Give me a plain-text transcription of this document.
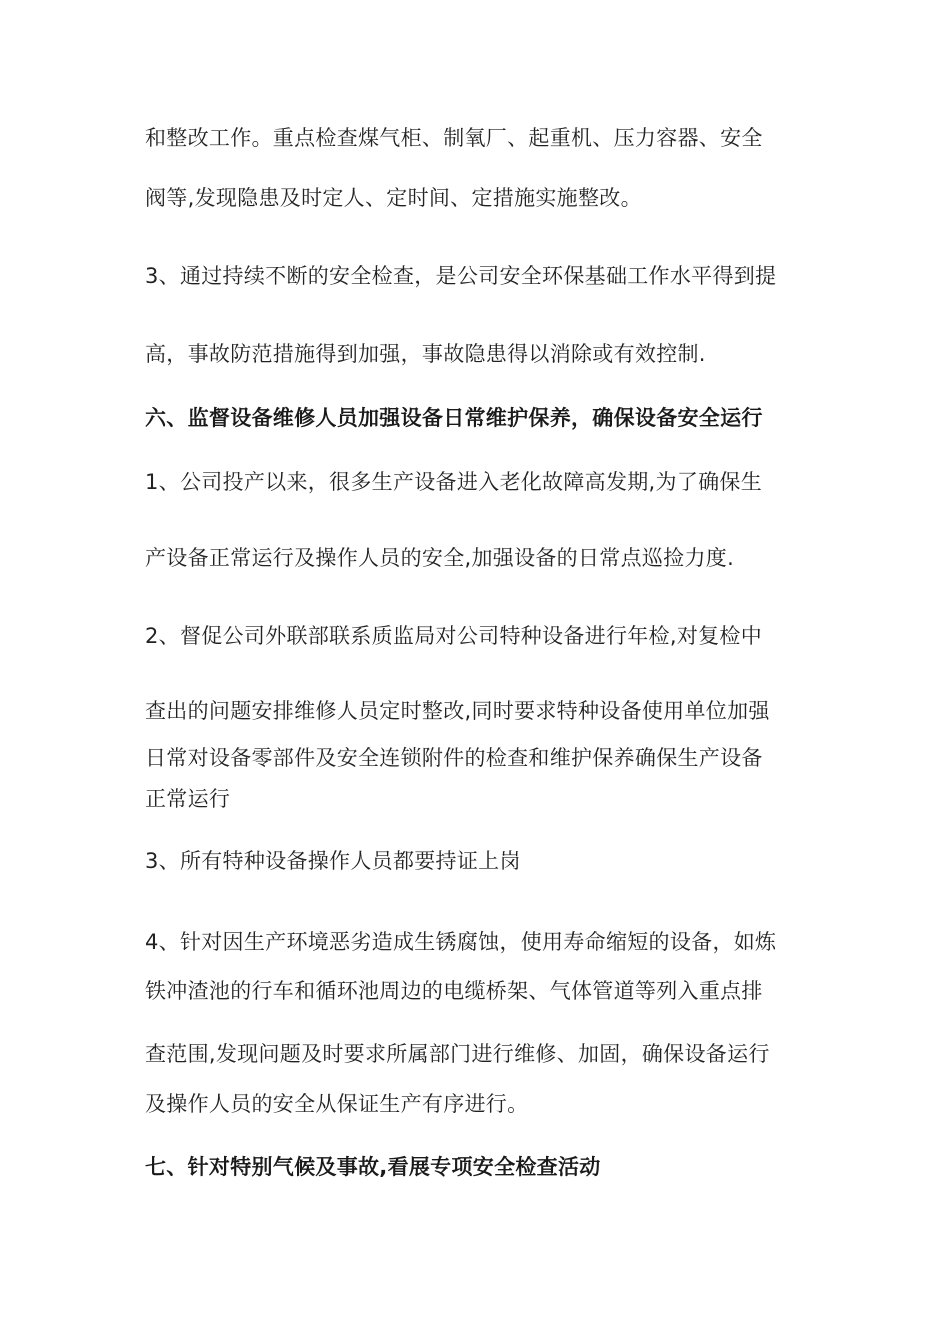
和整改工作。重点检查煤气柜、制氧厂、起重机、压力容器、安全
阀等,发现隐患及时定人、定时间、定措施实施整改。
3、通过持续不断的安全检查，是公司安全环保基础工作水平得到提
高，事故防范措施得到加强，事故隐患得以消除或有效控制.
六、监督设备维修人员加强设备日常维护保养，确保设备安全运行
1、公司投产以来，很多生产设备进入老化故障高发期,为了确保生
产设备正常运行及操作人员的安全,加强设备的日常点巡捡力度.
2、督促公司外联部联系质监局对公司特种设备进行年检,对复检中
查出的问题安排维修人员定时整改,同时要求特种设备使用单位加强
日常对设备零部件及安全连锁附件的检查和维护保养确保生产设备
正常运行
3、所有特种设备操作人员都要持证上岗
4、针对因生产环境恶劣造成生锈腐蚀，使用寿命缩短的设备，如炼
铁冲渣池的行车和循环池周边的电缆桥架、气体管道等列入重点排
查范围,发现问题及时要求所属部门进行维修、加固，确保设备运行
及操作人员的安全从保证生产有序进行。
七、针对特别气候及事故,看展专项安全检查活动
